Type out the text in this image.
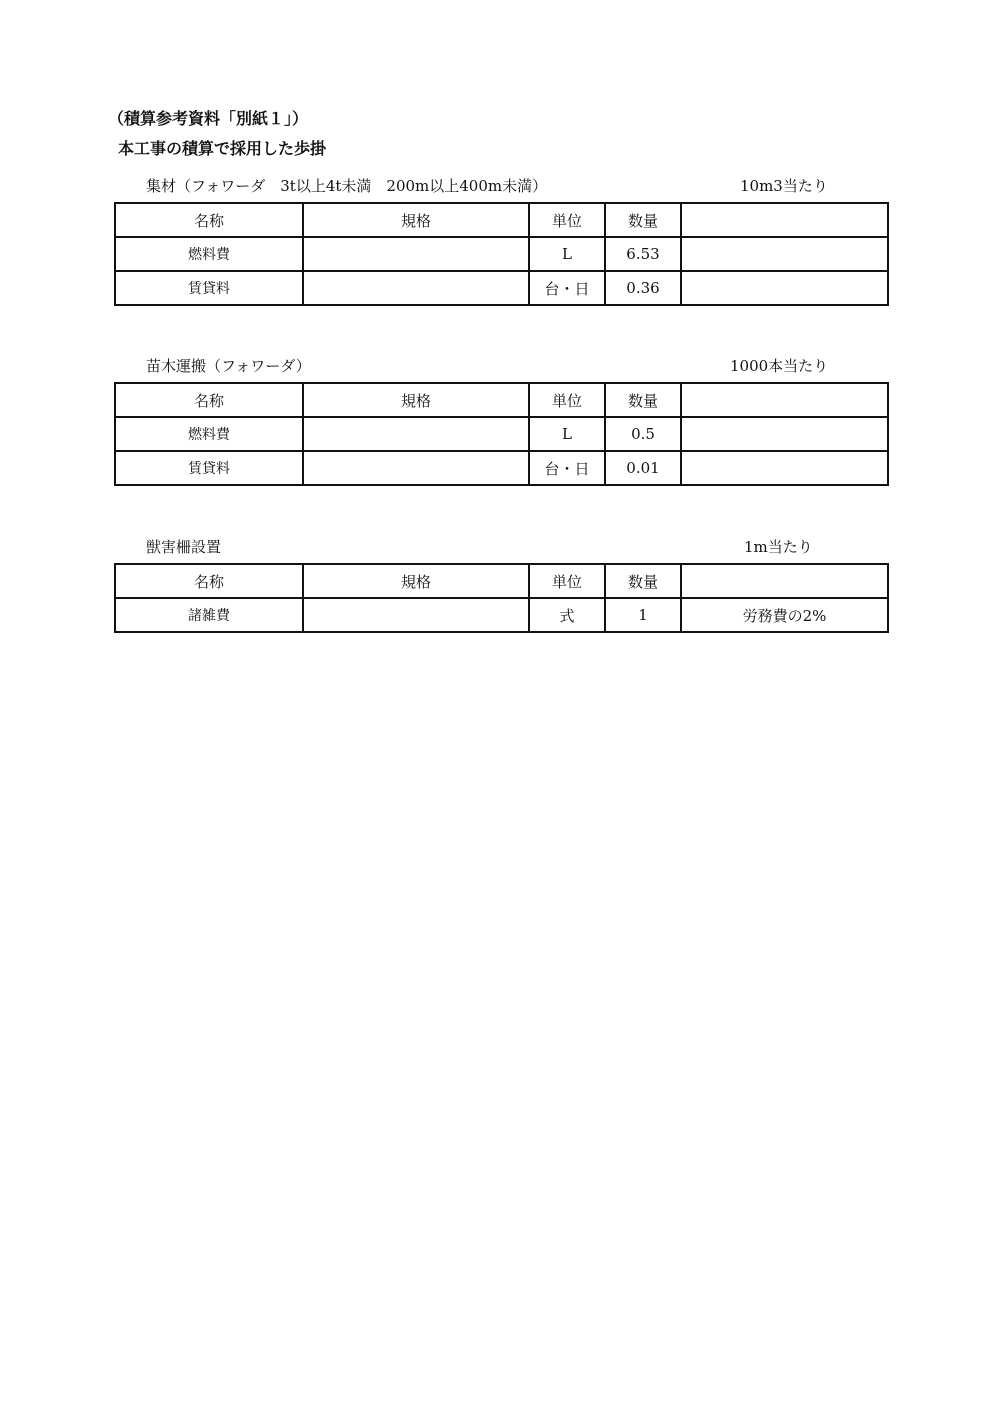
（積算参考資料「別紙１」）
本工事の積算で採用した歩掛
集材（フォワーダ　3t以上4t未満　200m以上400m未満）	10m3当たり
名称	規格	単位	数量	
燃料費		L	6.53	
賃貸料		台・日	0.36	
苗木運搬（フォワーダ）	1000本当たり
名称	規格	単位	数量	
燃料費		L	0.5	
賃貸料		台・日	0.01	
獣害柵設置	1m当たり
名称	規格	単位	数量	
諸雑費		式	1	労務費の2%
